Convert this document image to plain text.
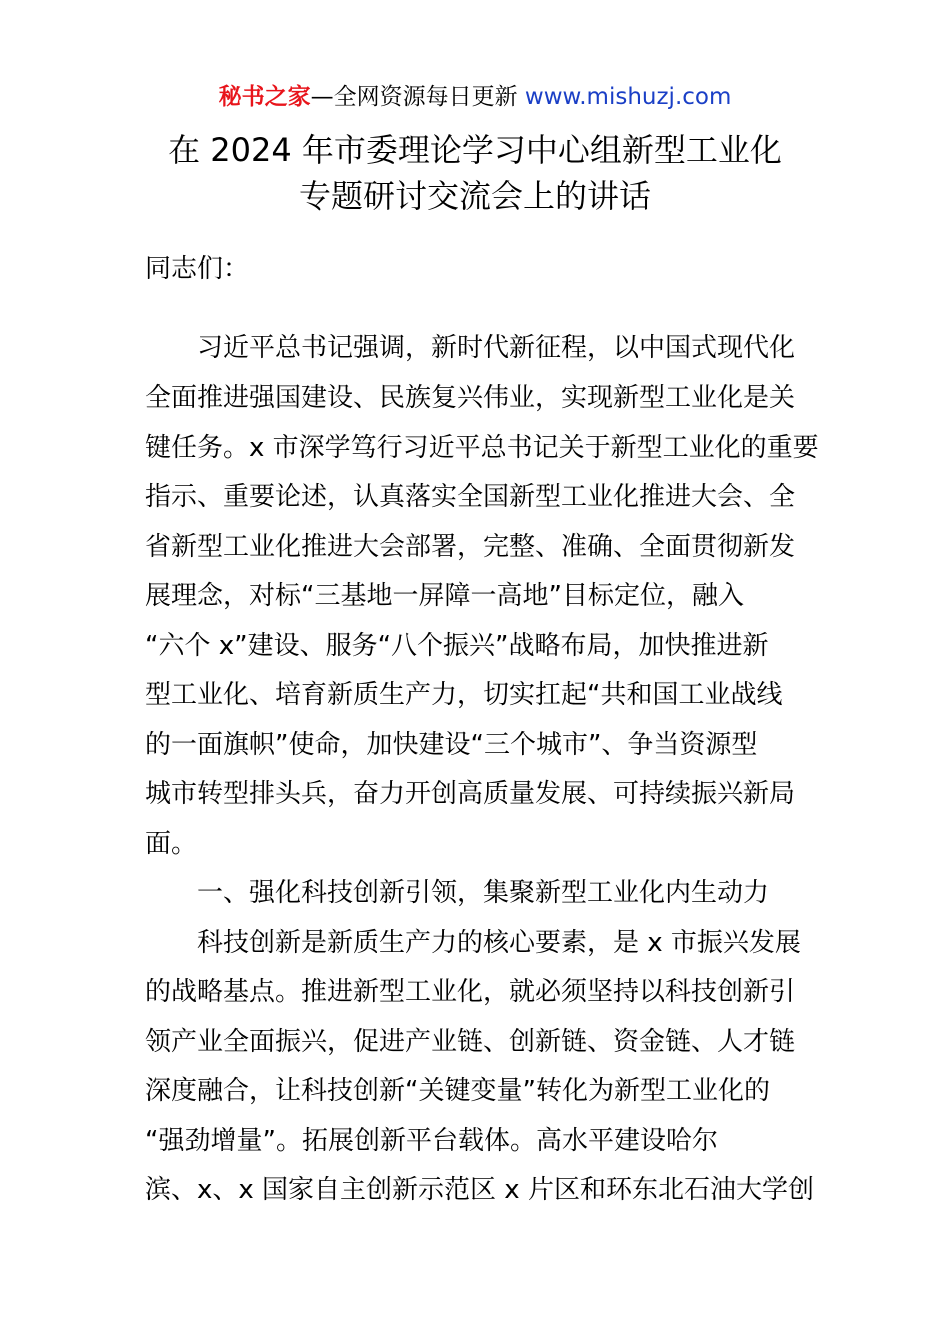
秘书之家—全网资源每日更新 www.mishuzj.com
在 2024 年市委理论学习中心组新型工业化
专题研讨交流会上的讲话
同志们：
习近平总书记强调，新时代新征程，以中国式现代化
全面推进强国建设、民族复兴伟业，实现新型工业化是关
键任务。x 市深学笃行习近平总书记关于新型工业化的重要
指示、重要论述，认真落实全国新型工业化推进大会、全
省新型工业化推进大会部署，完整、准确、全面贯彻新发
展理念，对标“三基地一屏障一高地”目标定位，融入
“六个 x”建设、服务“八个振兴”战略布局，加快推进新
型工业化、培育新质生产力，切实扛起“共和国工业战线
的一面旗帜”使命，加快建设“三个城市”、争当资源型
城市转型排头兵，奋力开创高质量发展、可持续振兴新局
面。
一、强化科技创新引领，集聚新型工业化内生动力
科技创新是新质生产力的核心要素，是 x 市振兴发展
的战略基点。推进新型工业化，就必须坚持以科技创新引
领产业全面振兴，促进产业链、创新链、资金链、人才链
深度融合，让科技创新“关键变量”转化为新型工业化的
“强劲增量”。拓展创新平台载体。高水平建设哈尔
滨、x、x 国家自主创新示范区 x 片区和环东北石油大学创
